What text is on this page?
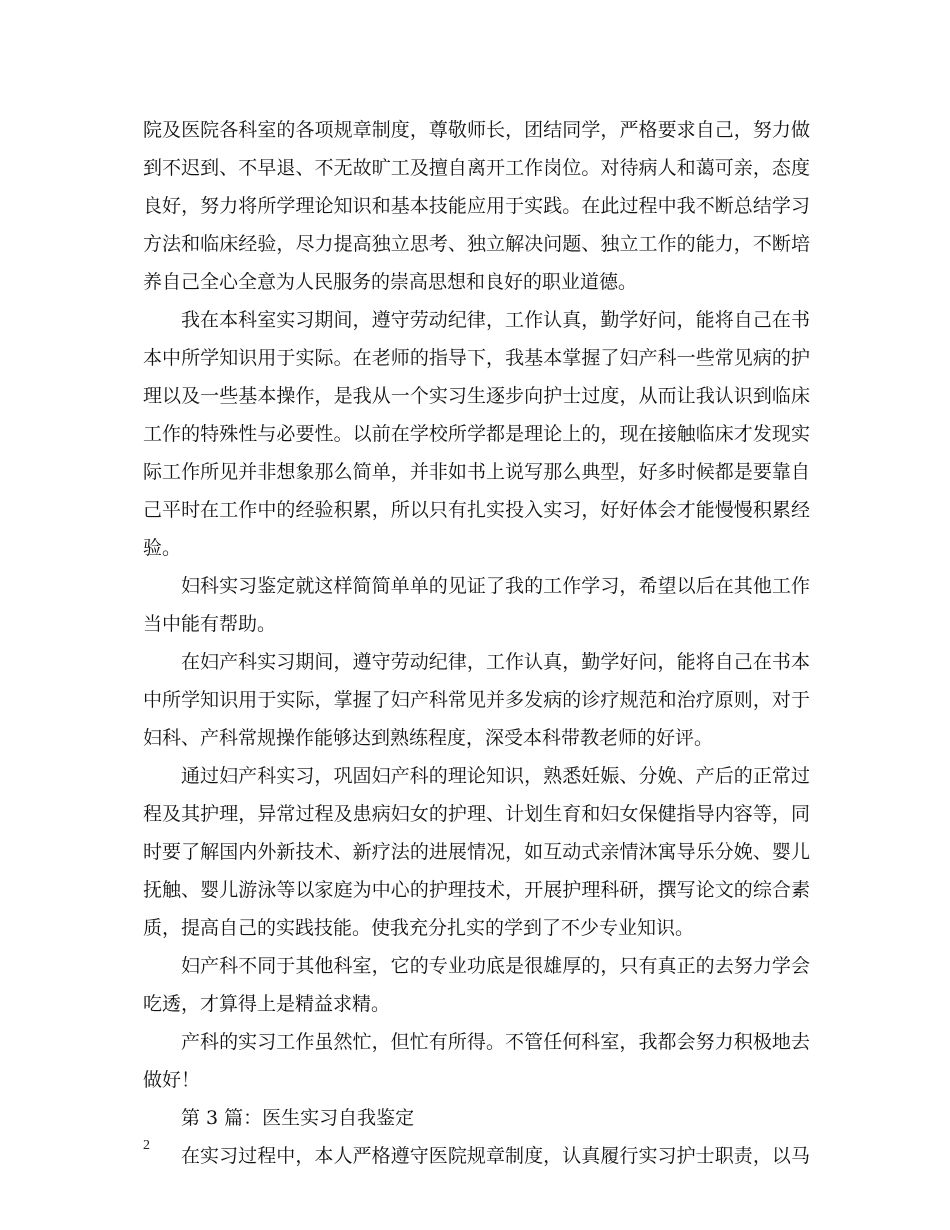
院及医院各科室的各项规章制度，尊敬师长，团结同学，严格要求自己，努力做
到不迟到、不早退、不无故旷工及擅自离开工作岗位。对待病人和蔼可亲，态度
良好，努力将所学理论知识和基本技能应用于实践。在此过程中我不断总结学习
方法和临床经验，尽力提高独立思考、独立解决问题、独立工作的能力，不断培
养自己全心全意为人民服务的崇高思想和良好的职业道德。
我在本科室实习期间，遵守劳动纪律，工作认真，勤学好问，能将自己在书
本中所学知识用于实际。在老师的指导下，我基本掌握了妇产科一些常见病的护
理以及一些基本操作，是我从一个实习生逐步向护士过度，从而让我认识到临床
工作的特殊性与必要性。以前在学校所学都是理论上的，现在接触临床才发现实
际工作所见并非想象那么简单，并非如书上说写那么典型，好多时候都是要靠自
己平时在工作中的经验积累，所以只有扎实投入实习，好好体会才能慢慢积累经
验。
妇科实习鉴定就这样简简单单的见证了我的工作学习，希望以后在其他工作
当中能有帮助。
在妇产科实习期间，遵守劳动纪律，工作认真，勤学好问，能将自己在书本
中所学知识用于实际，掌握了妇产科常见并多发病的诊疗规范和治疗原则，对于
妇科、产科常规操作能够达到熟练程度，深受本科带教老师的好评。
通过妇产科实习，巩固妇产科的理论知识，熟悉妊娠、分娩、产后的正常过
程及其护理，异常过程及患病妇女的护理、计划生育和妇女保健指导内容等，同
时要了解国内外新技术、新疗法的进展情况，如互动式亲情沐寓导乐分娩、婴儿
抚触、婴儿游泳等以家庭为中心的护理技术，开展护理科研，撰写论文的综合素
质，提高自己的实践技能。使我充分扎实的学到了不少专业知识。
妇产科不同于其他科室，它的专业功底是很雄厚的，只有真正的去努力学会
吃透，才算得上是精益求精。
产科的实习工作虽然忙，但忙有所得。不管任何科室，我都会努力积极地去
做好！
第 3 篇：医生实习自我鉴定
在实习过程中，本人严格遵守医院规章制度，认真履行实习护士职责，以马
2
